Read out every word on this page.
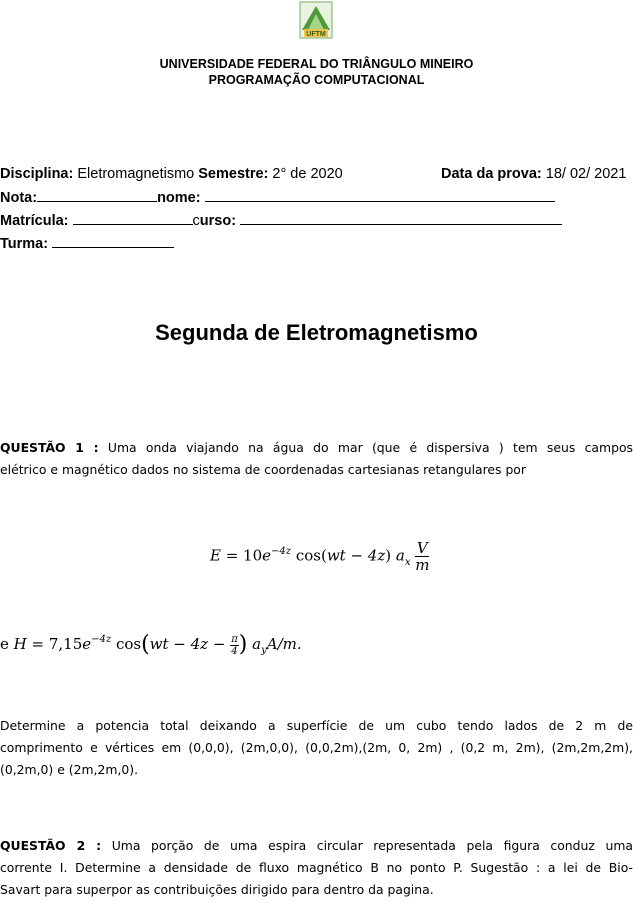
UFTM
UNIVERSIDADE FEDERAL DO TRIÂNGULO MINEIRO
PROGRAMAÇÃO COMPUTACIONAL
Disciplina: Eletromagnetismo Semestre: 2° de 2020	Data da prova: 18/ 02/ 2021
Nota:	nome:
Matrícula:	curso:
Turma:
Segunda de Eletromagnetismo
QUESTÃO 1 : Uma onda viajando na água do mar (que é dispersiva ) tem seus campos
elétrico e magnético dados no sistema de coordenadas cartesianas retangulares por
$E = 10e^{-4z}$ cos(wt − 4z) $a_x \frac{V}{m}$
e $H = 7,15e^{-4z}$ $\cos(wt - 4z - \frac{\pi}{4}$ ) $a_yA/m$.
Determine a potencia total deixando a superfície de um cubo tendo lados de 2 m de
comprimento e vértices em (0,0,0), (2m,0,0), (0,0,2m),(2m, 0, 2m) , (0,2 m, 2m), (2m,2m,2m),
(0,2m,0) e (2m,2m,0).
QUESTÃO 2 : Uma porção de uma espira circular representada pela figura conduz uma
corrente I. Determine a densidade de fluxo magnético B no ponto P. Sugestão : a lei de Bio-
Savart para superpor as contribuições dirigido para dentro da pagina.
